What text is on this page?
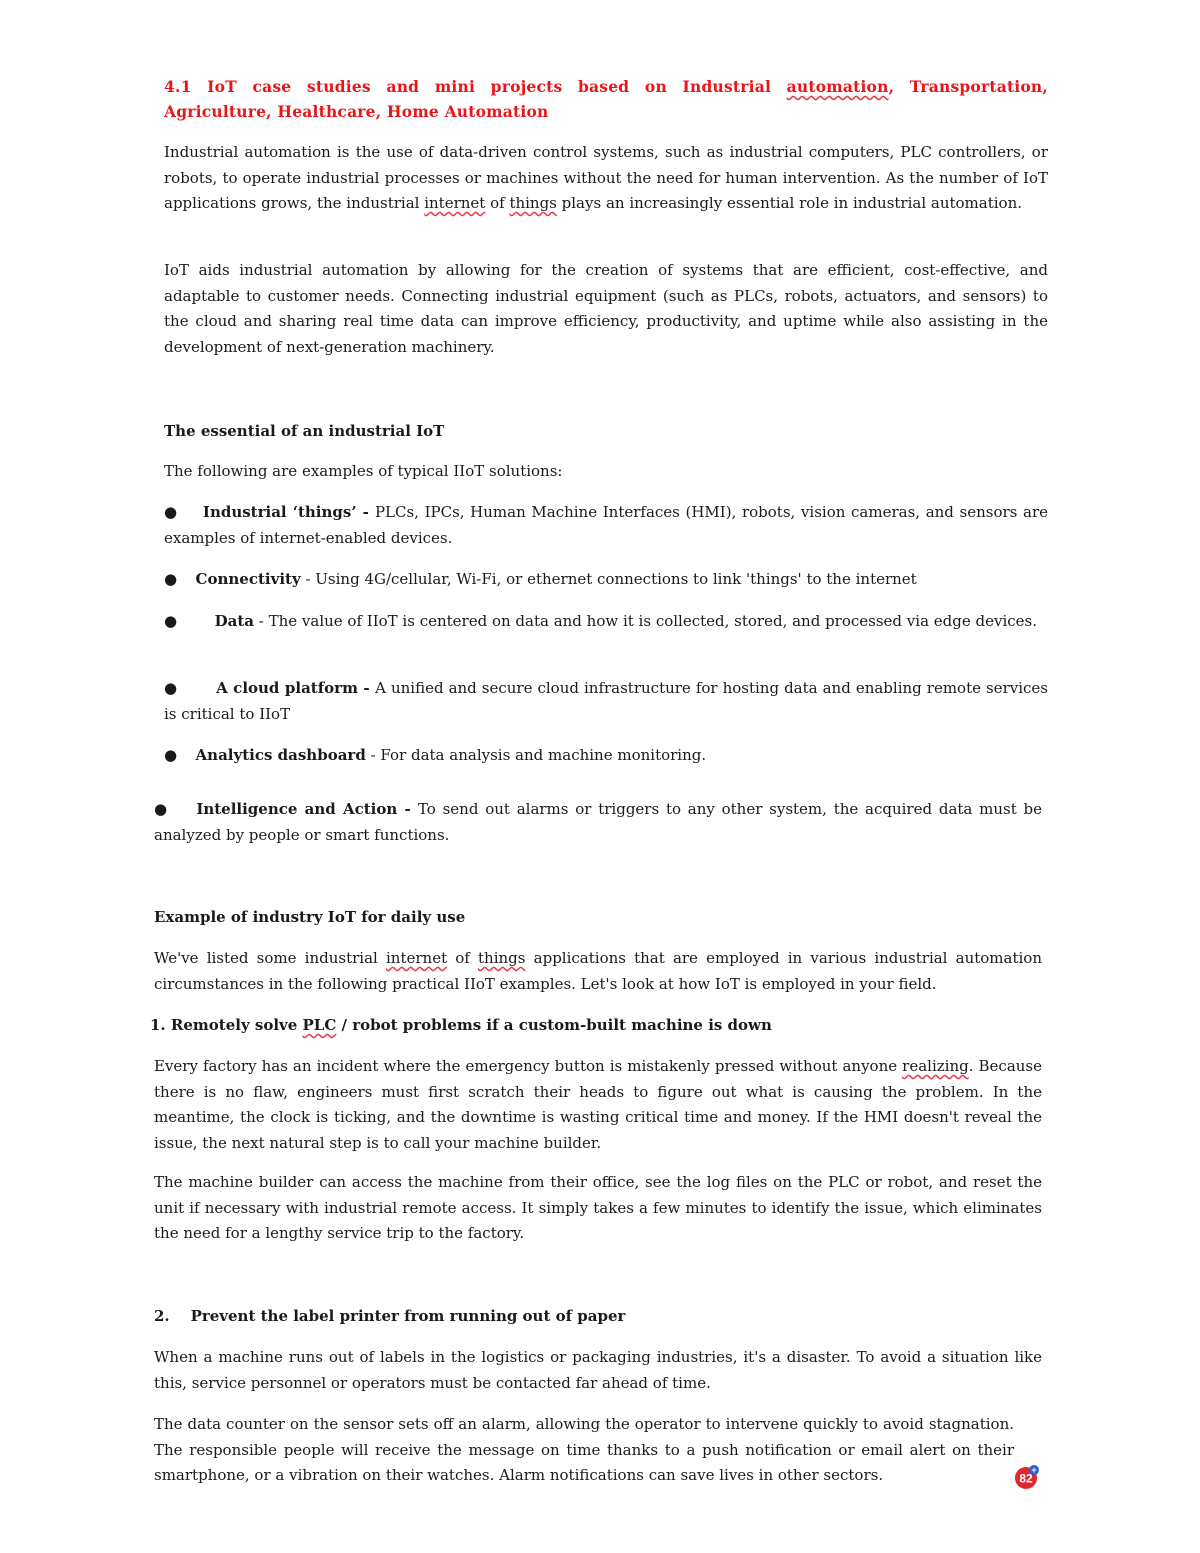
4.1 IoT case studies and mini projects based on Industrial automation, Transportation, Agriculture, Healthcare, Home Automation

Industrial automation is the use of data-driven control systems, such as industrial computers, PLC controllers, or robots, to operate industrial processes or machines without the need for human intervention. As the number of IoT applications grows, the industrial internet of things plays an increasingly essential role in industrial automation.

IoT aids industrial automation by allowing for the creation of systems that are efficient, cost-effective, and adaptable to customer needs. Connecting industrial equipment (such as PLCs, robots, actuators, and sensors) to the cloud and sharing real time data can improve efficiency, productivity, and uptime while also assisting in the development of next-generation machinery.

The essential of an industrial IoT

The following are examples of typical IIoT solutions:

● Industrial ‘things’ - PLCs, IPCs, Human Machine Interfaces (HMI), robots, vision cameras, and sensors are examples of internet-enabled devices.

● Connectivity - Using 4G/cellular, Wi-Fi, or ethernet connections to link 'things' to the internet

●	Data - The value of IIoT is centered on data and how it is collected, stored, and processed via edge devices.

●	A cloud platform - A unified and secure cloud infrastructure for hosting data and enabling remote services is critical to IIoT

● Analytics dashboard - For data analysis and machine monitoring.

● Intelligence and Action - To send out alarms or triggers to any other system, the acquired data must be analyzed by people or smart functions.

Example of industry IoT for daily use

We've listed some industrial internet of things applications that are employed in various industrial automation circumstances in the following practical IIoT examples. Let's look at how IoT is employed in your field.

1. Remotely solve PLC / robot problems if a custom-built machine is down

Every factory has an incident where the emergency button is mistakenly pressed without anyone realizing. Because there is no flaw, engineers must first scratch their heads to figure out what is causing the problem. In the meantime, the clock is ticking, and the downtime is wasting critical time and money. If the HMI doesn't reveal the issue, the next natural step is to call your machine builder.

The machine builder can access the machine from their office, see the log files on the PLC or robot, and reset the unit if necessary with industrial remote access. It simply takes a few minutes to identify the issue, which eliminates the need for a lengthy service trip to the factory.

2. Prevent the label printer from running out of paper

When a machine runs out of labels in the logistics or packaging industries, it's a disaster. To avoid a situation like this, service personnel or operators must be contacted far ahead of time.

The data counter on the sensor sets off an alarm, allowing the operator to intervene quickly to avoid stagnation. The responsible people will receive the message on time thanks to a push notification or email alert on their smartphone, or a vibration on their watches. Alarm notifications can save lives in other sectors.	82
+
